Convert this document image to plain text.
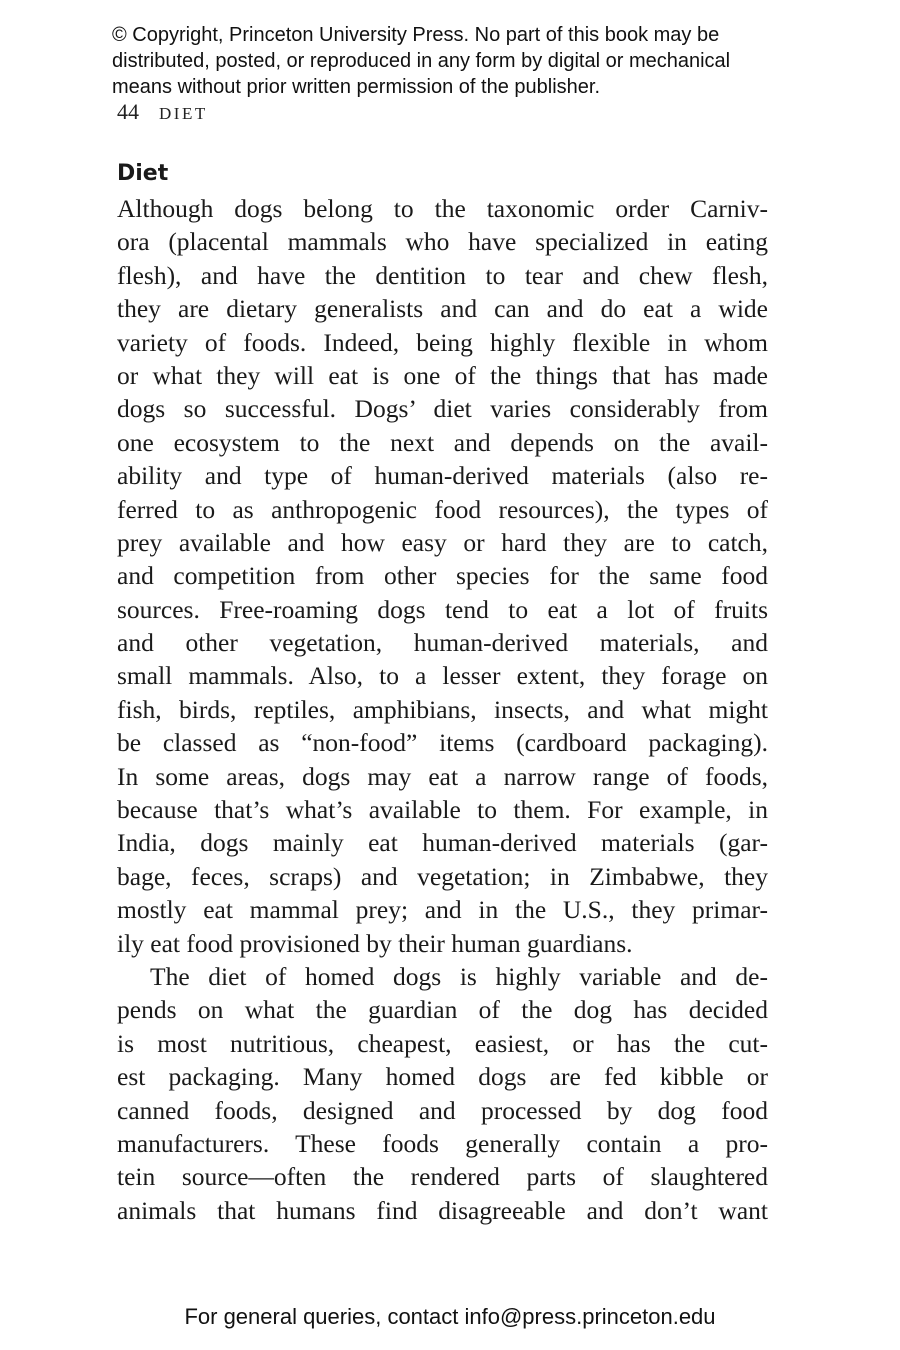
© Copyright, Princeton University Press. No part of this book may be
distributed, posted, or reproduced in any form by digital or mechanical
means without prior written permission of the publisher.
44 DIET
Diet
Although dogs belong to the taxonomic order Carniv-
ora (placental mammals who have specialized in eating
flesh), and have the dentition to tear and chew flesh,
they are dietary generalists and can and do eat a wide
variety of foods. Indeed, being highly flexible in whom
or what they will eat is one of the things that has made
dogs so successful. Dogs’ diet varies considerably from
one ecosystem to the next and depends on the avail-
ability and type of human-derived materials (also re-
ferred to as anthropogenic food resources), the types of
prey available and how easy or hard they are to catch,
and competition from other species for the same food
sources. Free-roaming dogs tend to eat a lot of fruits
and other vegetation, human-derived materials, and
small mammals. Also, to a lesser extent, they forage on
fish, birds, reptiles, amphibians, insects, and what might
be classed as “non-food” items (cardboard packaging).
In some areas, dogs may eat a narrow range of foods,
because that’s what’s available to them. For example, in
India, dogs mainly eat human-derived materials (gar-
bage, feces, scraps) and vegetation; in Zimbabwe, they
mostly eat mammal prey; and in the U.S., they primar-
ily eat food provisioned by their human guardians.
The diet of homed dogs is highly variable and de-
pends on what the guardian of the dog has decided
is most nutritious, cheapest, easiest, or has the cut-
est packaging. Many homed dogs are fed kibble or
canned foods, designed and processed by dog food
manufacturers. These foods generally contain a pro-
tein source—often the rendered parts of slaughtered
animals that humans find disagreeable and don’t want
For general queries, contact info@press.princeton.edu
